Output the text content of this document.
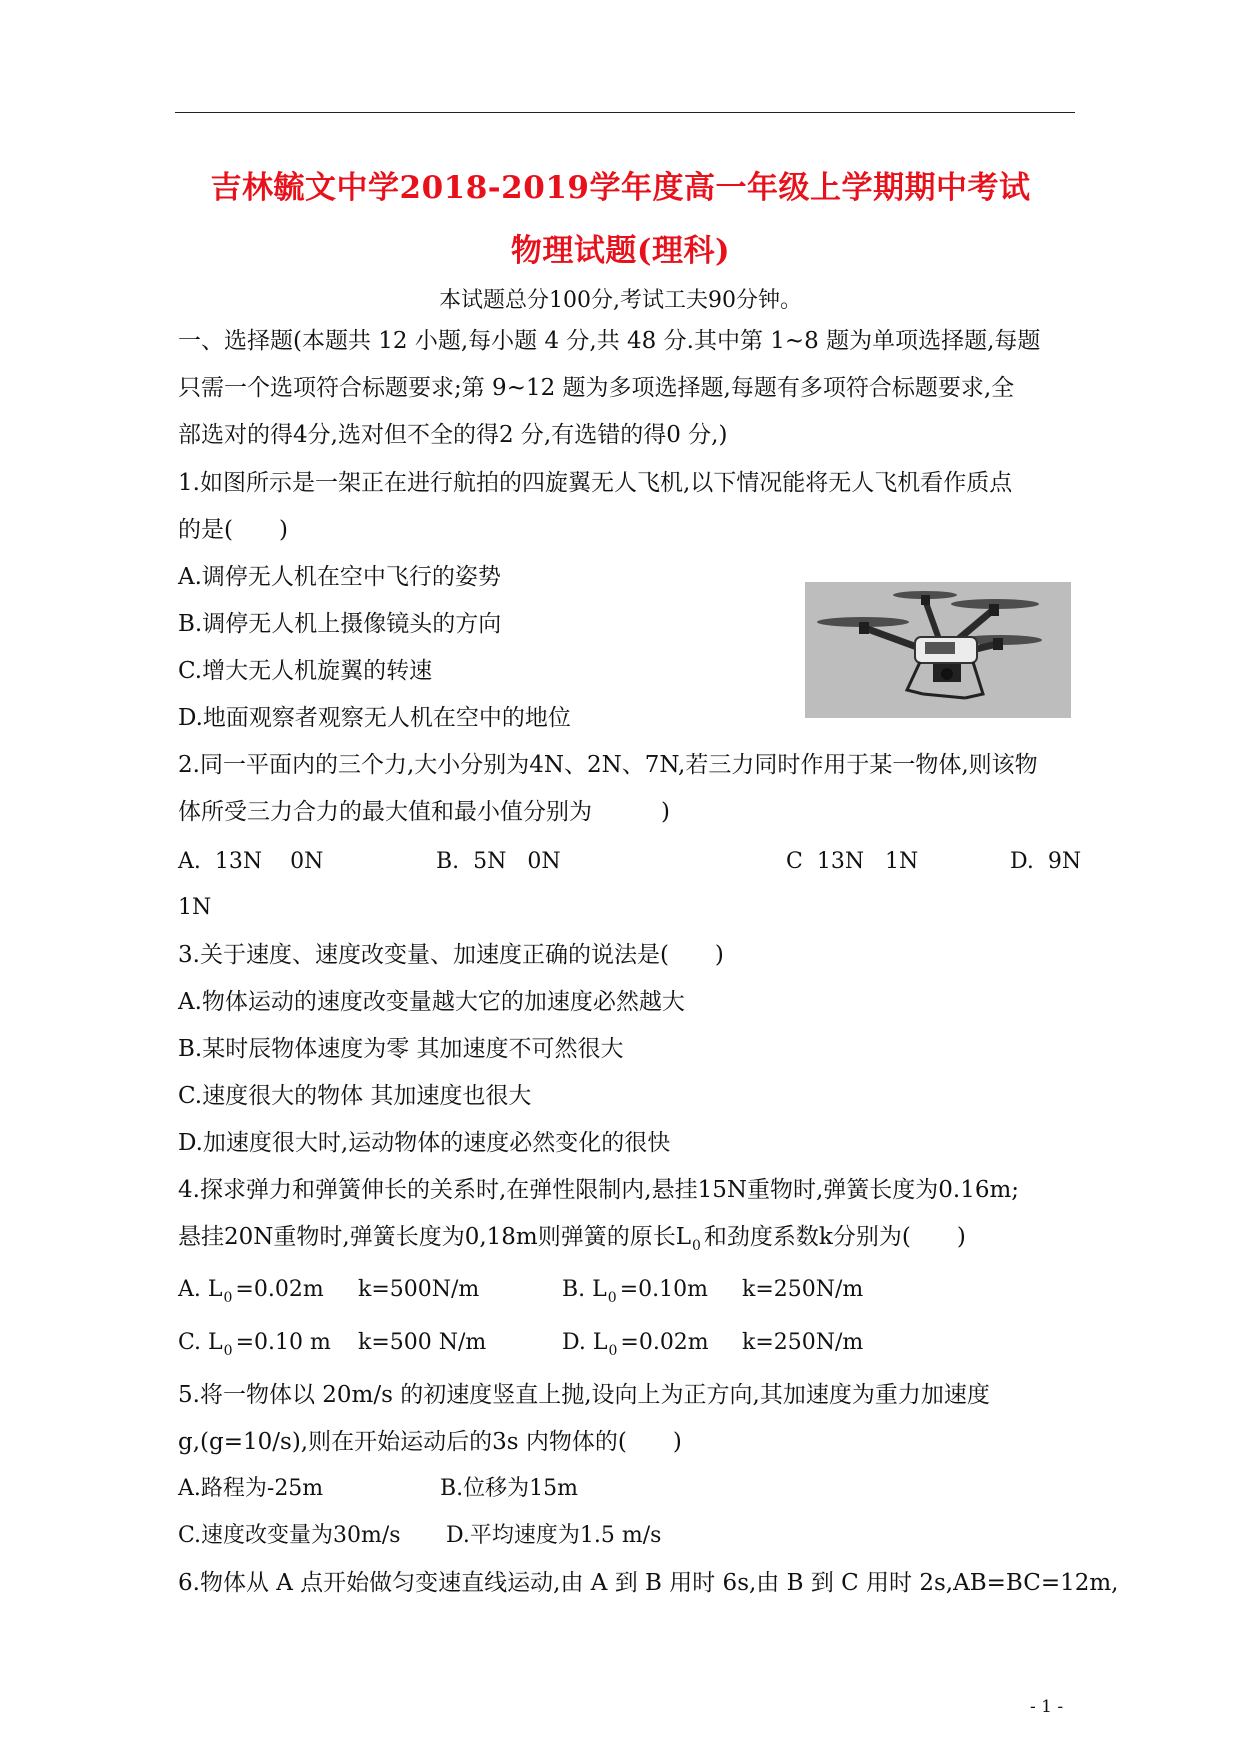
吉林毓文中学2018-2019学年度高一年级上学期期中考试
物理试题(理科)
本试题总分100分,考试工夫90分钟。
一、选择题(本题共 12 小题,每小题 4 分,共 48 分.其中第 1~8 题为单项选择题,每题
只需一个选项符合标题要求;第 9~12 题为多项选择题,每题有多项符合标题要求,全
部选对的得4分,选对但不全的得2 分,有选错的得0 分,)
1.如图所示是一架正在进行航拍的四旋翼无人飞机,以下情况能将无人飞机看作质点
的是(　　)
A.调停无人机在空中飞行的姿势
B.调停无人机上摄像镜头的方向
C.增大无人机旋翼的转速
D.地面观察者观察无人机在空中的地位
2.同一平面内的三个力,大小分别为4N、2N、7N,若三力同时作用于某一物体,则该物
体所受三力合力的最大值和最小值分别为　　　)
A.  13N    0N	B.  5N   0N	C  13N   1N	D.  9N
1N
3.关于速度、速度改变量、加速度正确的说法是(　　)
A.物体运动的速度改变量越大它的加速度必然越大
B.某时辰物体速度为零 其加速度不可然很大
C.速度很大的物体 其加速度也很大
D.加速度很大时,运动物体的速度必然变化的很快
4.探求弹力和弹簧伸长的关系时,在弹性限制内,悬挂15N重物时,弹簧长度为0.16m;
悬挂20N重物时,弹簧长度为0,18m则弹簧的原长$L_0$ 和劲度系数k分别为(　　)
A. $L_0 =0.02m$ k=500N/m	B. $L_0 =0.10m$ k=250N/m
C. $L_0 =0.10$ m k=500 N/m	D. $L_0 =0.02m$ k=250N/m
5.将一物体以 20m/s 的初速度竖直上抛,设向上为正方向,其加速度为重力加速度
g,(g=10/s),则在开始运动后的3s 内物体的(　　)
A.路程为-25m	B.位移为15m
C.速度改变量为30m/s D.平均速度为1.5 m/s
6.物体从 A 点开始做匀变速直线运动,由 A 到 B 用时 6s,由 B 到 C 用时 2s,AB=BC=12m,
- 1 -
